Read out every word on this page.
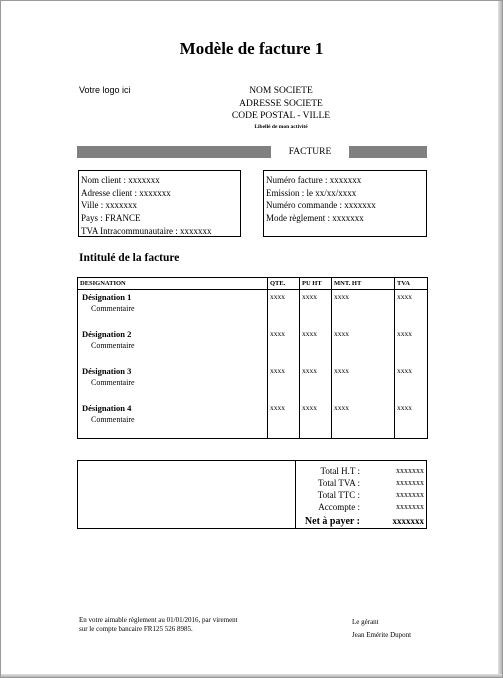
Modèle de facture 1
Votre logo ici	NOM SOCIETE
ADRESSE SOCIETE
CODE POSTAL - VILLE
Libellé de mon activité
FACTURE
Nom client : xxxxxxx
Adresse client : xxxxxxx
Ville : xxxxxxx
Pays : FRANCE
TVA Intracommunautaire : xxxxxxx
Numéro facture : xxxxxxx
Emission : le xx/xx/xxxx
Numéro commande : xxxxxxx
Mode règlement : xxxxxxx
Intitulé de la facture
DESIGNATION	QTE.	PU HT	MNT. HT	TVA

Désignation 1
Commentaire	xxxx	xxxx	xxxx	xxxx

Désignation 2
Commentaire	xxxx	xxxx	xxxx	xxxx

Désignation 3
Commentaire	xxxx	xxxx	xxxx	xxxx

Désignation 4
Commentaire	xxxx	xxxx	xxxx	xxxx
Total H.T :	xxxxxxx
Total TVA :	xxxxxxx
Total TTC :	xxxxxxx
Accompte :	xxxxxxx
Net à payer :	xxxxxxx
En votre aimable règlement au 01/01/2016, par virement
sur le compte bancaire FR125 526 8985.
Le gérant
Jean Emérite Dupont
